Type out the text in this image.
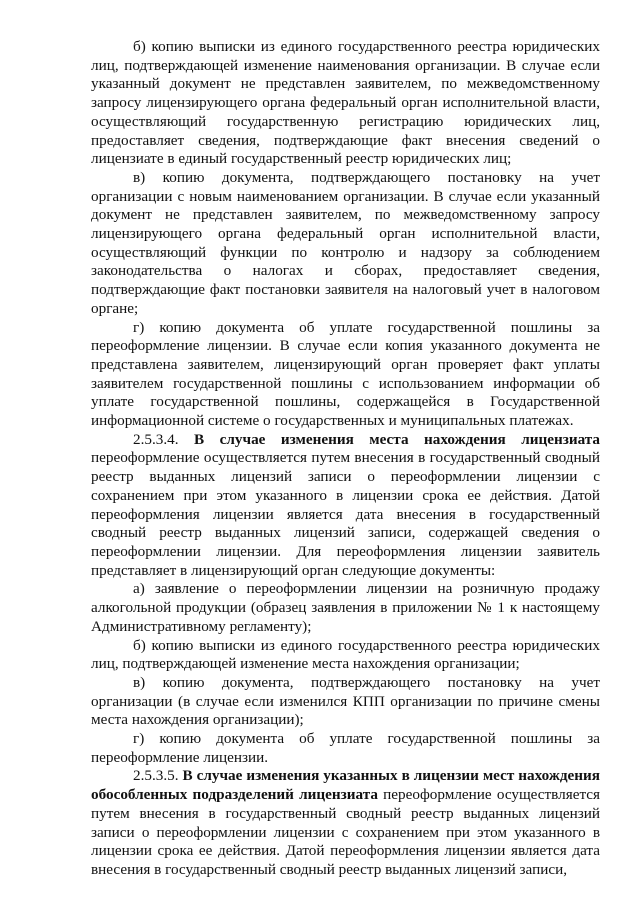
б) копию выписки из единого государственного реестра юридических лиц, подтверждающей изменение наименования организации. В случае если указанный документ не представлен заявителем, по межведомственному запросу лицензирующего органа федеральный орган исполнительной власти, осуществляющий государственную регистрацию юридических лиц, предоставляет сведения, подтверждающие факт внесения сведений о лицензиате в единый государственный реестр юридических лиц;

в) копию документа, подтверждающего постановку на учет организации с новым наименованием организации. В случае если указанный документ не представлен заявителем, по межведомственному запросу лицензирующего органа федеральный орган исполнительной власти, осуществляющий функции по контролю и надзору за соблюдением законодательства о налогах и сборах, предоставляет сведения, подтверждающие факт постановки заявителя на налоговый учет в налоговом органе;

г) копию документа об уплате государственной пошлины за переоформление лицензии. В случае если копия указанного документа не представлена заявителем, лицензирующий орган проверяет факт уплаты заявителем государственной пошлины с использованием информации об уплате государственной пошлины, содержащейся в Государственной информационной системе о государственных и муниципальных платежах.

2.5.3.4. В случае изменения места нахождения лицензиата переоформление осуществляется путем внесения в государственный сводный реестр выданных лицензий записи о переоформлении лицензии с сохранением при этом указанного в лицензии срока ее действия. Датой переоформления лицензии является дата внесения в государственный сводный реестр выданных лицензий записи, содержащей сведения о переоформлении лицензии. Для переоформления лицензии заявитель представляет в лицензирующий орган следующие документы:

а) заявление о переоформлении лицензии на розничную продажу алкогольной продукции (образец заявления в приложении № 1 к настоящему Административному регламенту);

б) копию выписки из единого государственного реестра юридических лиц, подтверждающей изменение места нахождения организации;

в) копию документа, подтверждающего постановку на учет организации (в случае если изменился КПП организации по причине смены места нахождения организации);

г) копию документа об уплате государственной пошлины за переоформление лицензии.

2.5.3.5. В случае изменения указанных в лицензии мест нахождения обособленных подразделений лицензиата переоформление осуществляется путем внесения в государственный сводный реестр выданных лицензий записи о переоформлении лицензии с сохранением при этом указанного в лицензии срока ее действия. Датой переоформления лицензии является дата внесения в государственный сводный реестр выданных лицензий записи,
